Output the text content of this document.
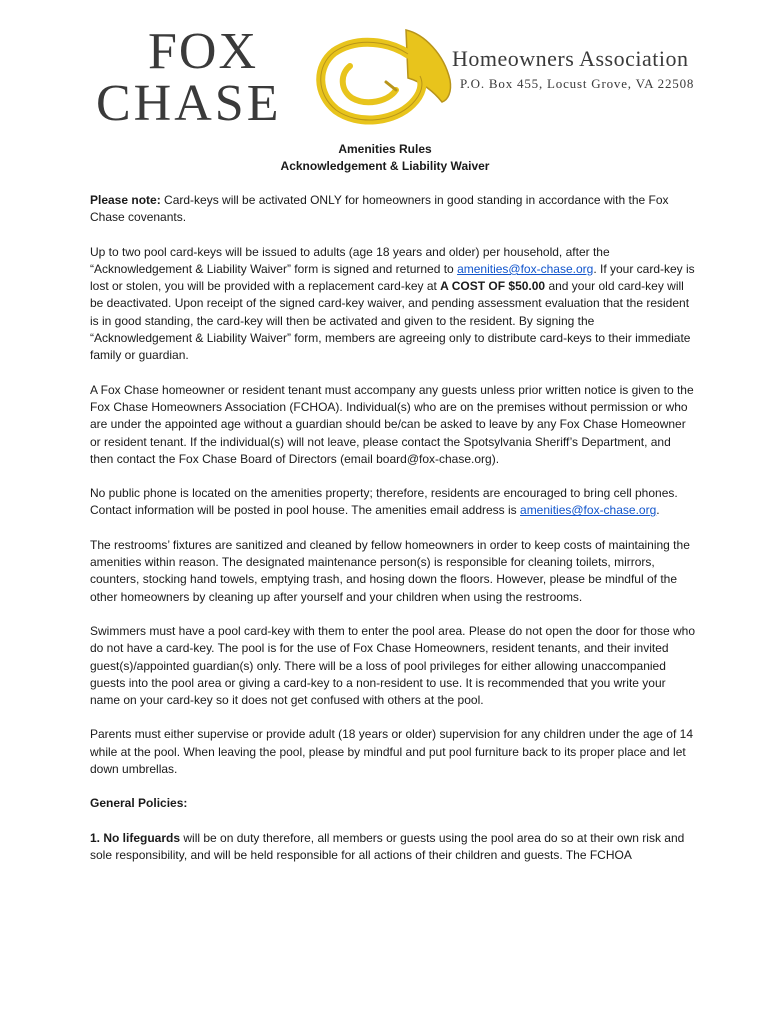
FOX
CHASE
Homeowners Association
P.O. Box 455, Locust Grove, VA 22508
Amenities Rules
Acknowledgement & Liability Waiver

Please note: Card-keys will be activated ONLY for homeowners in good standing in accordance with the Fox Chase covenants.

Up to two pool card-keys will be issued to adults (age 18 years and older) per household, after the “Acknowledgement & Liability Waiver” form is signed and returned to amenities@fox-chase.org. If your card-key is lost or stolen, you will be provided with a replacement card-key at A COST OF $50.00 and your old card-key will be deactivated. Upon receipt of the signed card-key waiver, and pending assessment evaluation that the resident is in good standing, the card-key will then be activated and given to the resident. By signing the “Acknowledgement & Liability Waiver” form, members are agreeing only to distribute card-keys to their immediate family or guardian.

A Fox Chase homeowner or resident tenant must accompany any guests unless prior written notice is given to the Fox Chase Homeowners Association (FCHOA). Individual(s) who are on the premises without permission or who are under the appointed age without a guardian should be/can be asked to leave by any Fox Chase Homeowner or resident tenant. If the individual(s) will not leave, please contact the Spotsylvania Sheriff’s Department, and then contact the Fox Chase Board of Directors (email board@fox-chase.org).

No public phone is located on the amenities property; therefore, residents are encouraged to bring cell phones. Contact information will be posted in pool house. The amenities email address is amenities@fox-chase.org.

The restrooms’ fixtures are sanitized and cleaned by fellow homeowners in order to keep costs of maintaining the amenities within reason. The designated maintenance person(s) is responsible for cleaning toilets, mirrors, counters, stocking hand towels, emptying trash, and hosing down the floors. However, please be mindful of the other homeowners by cleaning up after yourself and your children when using the restrooms.

Swimmers must have a pool card-key with them to enter the pool area. Please do not open the door for those who do not have a card-key. The pool is for the use of Fox Chase Homeowners, resident tenants, and their invited guest(s)/appointed guardian(s) only. There will be a loss of pool privileges for either allowing unaccompanied guests into the pool area or giving a card-key to a non-resident to use. It is recommended that you write your name on your card-key so it does not get confused with others at the pool.

Parents must either supervise or provide adult (18 years or older) supervision for any children under the age of 14 while at the pool. When leaving the pool, please by mindful and put pool furniture back to its proper place and let down umbrellas.

General Policies:

1. No lifeguards will be on duty therefore, all members or guests using the pool area do so at their own risk and sole responsibility, and will be held responsible for all actions of their children and guests. The FCHOA
